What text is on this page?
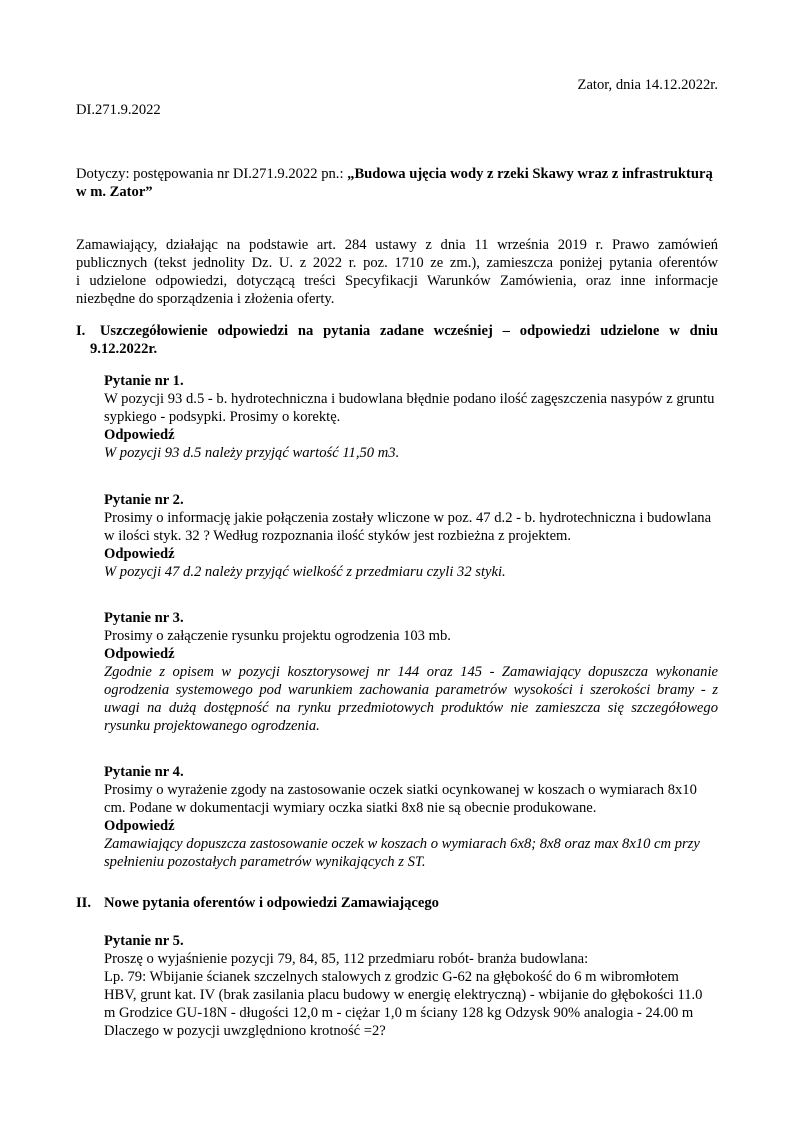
Zator, dnia 14.12.2022r.
DI.271.9.2022
Dotyczy: postępowania nr DI.271.9.2022 pn.: „Budowa ujęcia wody z rzeki Skawy wraz z infrastrukturą
w m. Zator”
Zamawiający, działając na podstawie art. 284 ustawy z dnia 11 września 2019 r. Prawo zamówień
publicznych (tekst jednolity Dz. U. z 2022 r. poz. 1710 ze zm.), zamieszcza poniżej pytania oferentów
i udzielone odpowiedzi, dotyczącą treści Specyfikacji Warunków Zamówienia, oraz inne informacje
niezbędne do sporządzenia i złożenia oferty.
I. Uszczegółowienie odpowiedzi na pytania zadane wcześniej – odpowiedzi udzielone w dniu
9.12.2022r.
Pytanie nr 1.
W pozycji 93 d.5 - b. hydrotechniczna i budowlana błędnie podano ilość zagęszczenia nasypów z gruntu
sypkiego - podsypki. Prosimy o korektę.
Odpowiedź
W pozycji 93 d.5 należy przyjąć wartość 11,50 m3.
Pytanie nr 2.
Prosimy o informację jakie połączenia zostały wliczone w poz. 47 d.2 - b. hydrotechniczna i budowlana
w ilości styk. 32 ? Według rozpoznania ilość styków jest rozbieżna z projektem.
Odpowiedź
W pozycji 47 d.2 należy przyjąć wielkość z przedmiaru czyli 32 styki.
Pytanie nr 3.
Prosimy o załączenie rysunku projektu ogrodzenia 103 mb.
Odpowiedź
Zgodnie z opisem w pozycji kosztorysowej nr 144 oraz 145 - Zamawiający dopuszcza wykonanie
ogrodzenia systemowego pod warunkiem zachowania parametrów wysokości i szerokości bramy - z
uwagi na dużą dostępność na rynku przedmiotowych produktów nie zamieszcza się szczegółowego
rysunku projektowanego ogrodzenia.
Pytanie nr 4.
Prosimy o wyrażenie zgody na zastosowanie oczek siatki ocynkowanej w koszach o wymiarach 8x10
cm. Podane w dokumentacji wymiary oczka siatki 8x8 nie są obecnie produkowane.
Odpowiedź
Zamawiający dopuszcza zastosowanie oczek w koszach o wymiarach 6x8; 8x8 oraz max 8x10 cm przy
spełnieniu pozostałych parametrów wynikających z ST.
II. Nowe pytania oferentów i odpowiedzi Zamawiającego
Pytanie nr 5.
Proszę o wyjaśnienie pozycji 79, 84, 85, 112 przedmiaru robót- branża budowlana:
Lp. 79: Wbijanie ścianek szczelnych stalowych z grodzic G-62 na głębokość do 6 m wibromłotem
HBV, grunt kat. IV (brak zasilania placu budowy w energię elektryczną) - wbijanie do głębokości 11.0
m Grodzice GU-18N - długości 12,0 m - ciężar 1,0 m ściany 128 kg Odzysk 90% analogia - 24.00 m
Dlaczego w pozycji uwzględniono krotność =2?
